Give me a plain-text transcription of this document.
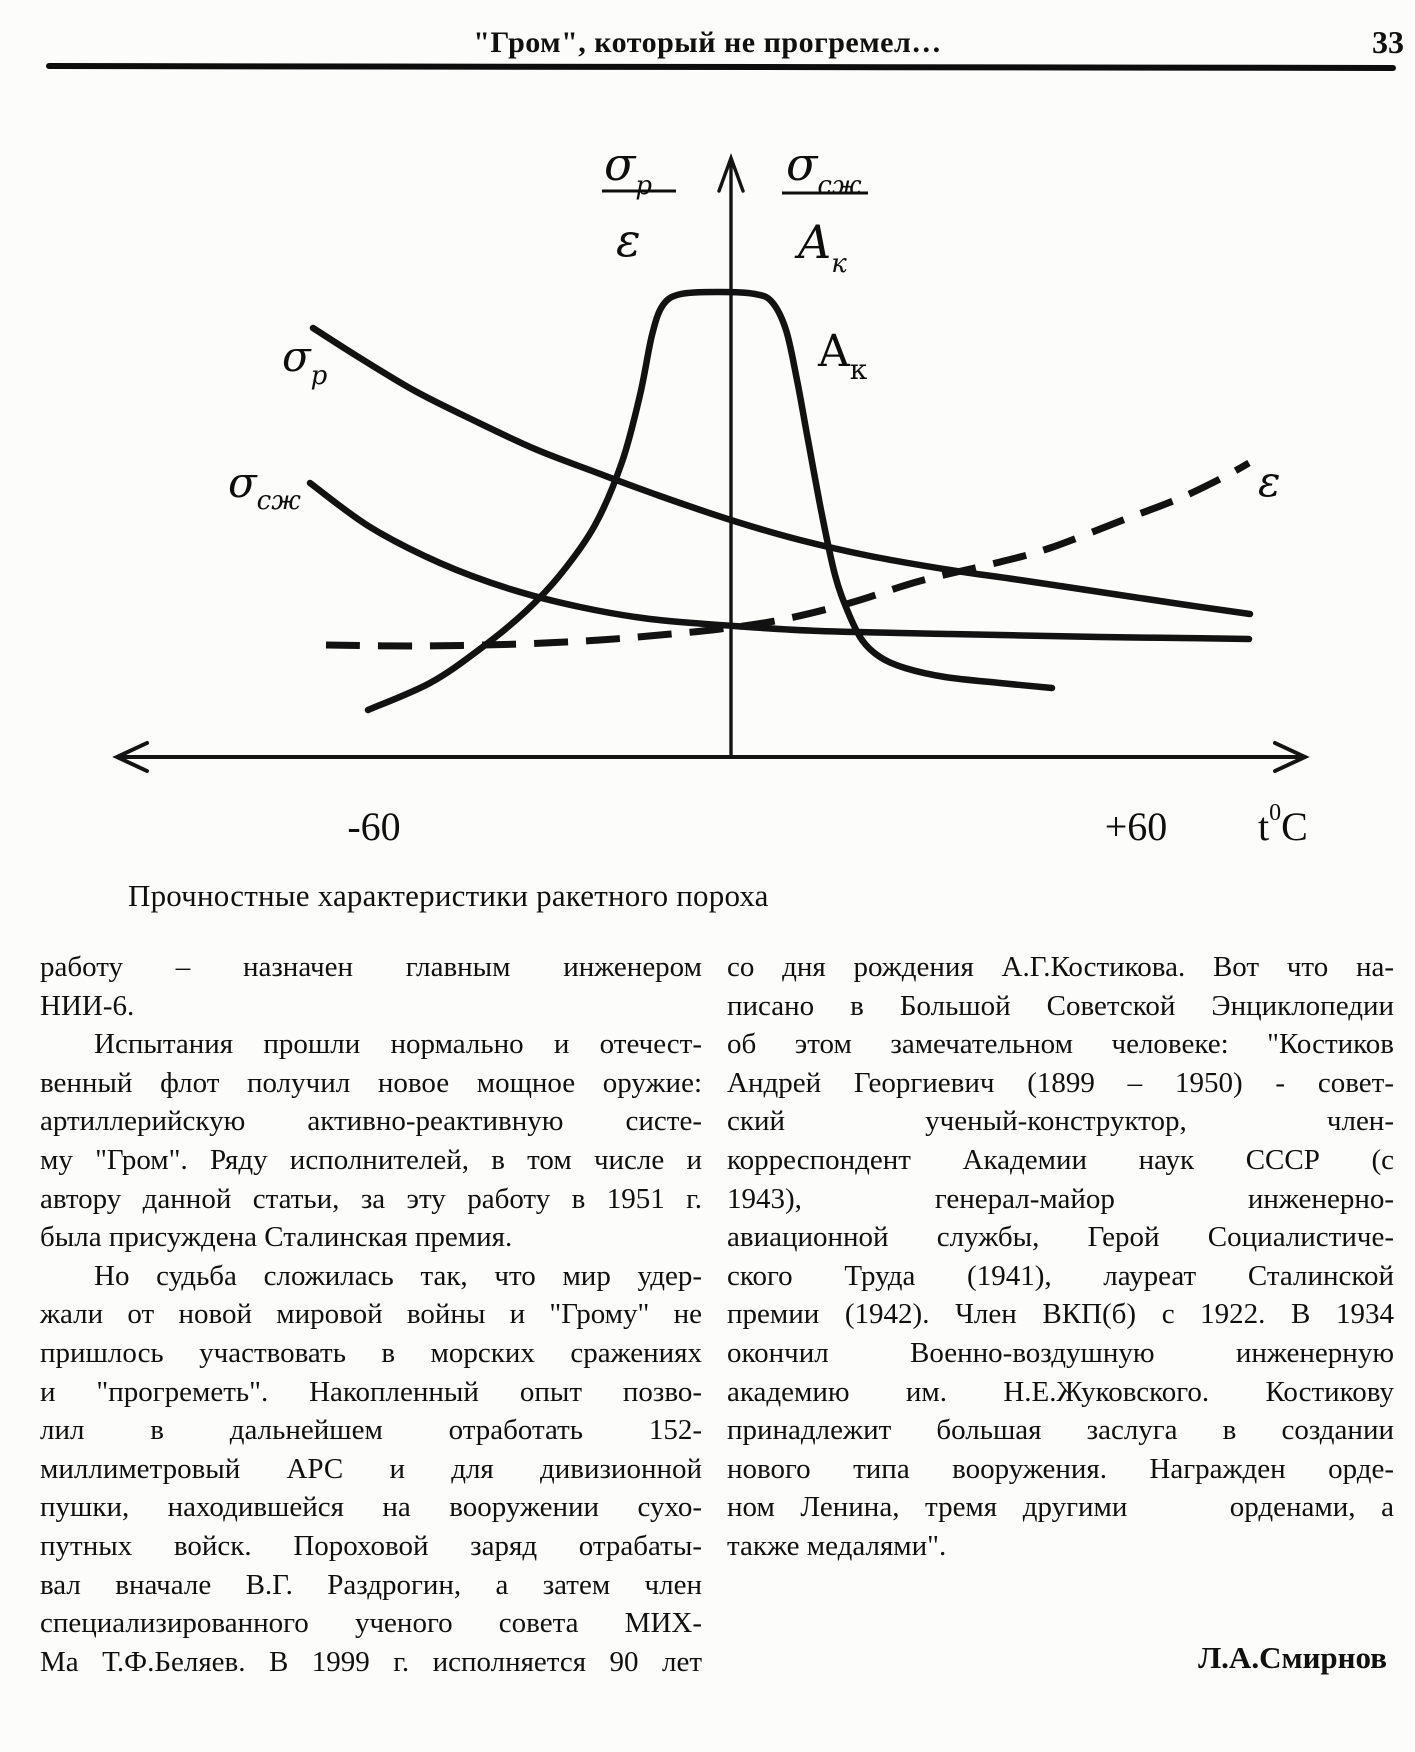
"Гром", который не прогремел…	33
$\sigma_p$
ε
$\sigma_{сж}$
$A_к$
$\sigma_p$
$\sigma_{сж}$
$A_к$
ε
-60	+60 $t^0C$
Прочностные характеристики ракетного пороха
работу – назначен главным инженером
НИИ-6.
Испытания прошли нормально и отечест-
венный флот получил новое мощное оружие:
артиллерийскую активно-реактивную систе-
му "Гром". Ряду исполнителей, в том числе и
автору данной статьи, за эту работу в 1951 г.
была присуждена Сталинская премия.
Но судьба сложилась так, что мир удер-
жали от новой мировой войны и "Грому" не
пришлось участвовать в морских сражениях
и "прогреметь". Накопленный опыт позво-
лил в дальнейшем отработать 152-
миллиметровый АРС и для дивизионной
пушки, находившейся на вооружении сухо-
путных войск. Пороховой заряд отрабаты-
вал вначале В.Г. Раздрогин, а затем член
специализированного ученого совета МИХ-
Ма Т.Ф.Беляев. В 1999 г. исполняется 90 лет
со дня рождения А.Г.Костикова. Вот что на-
писано в Большой Советской Энциклопедии
об этом замечательном человеке: "Костиков
Андрей Георгиевич (1899 – 1950) - совет-
ский ученый-конструктор, член-
корреспондент Академии наук СССР (с
1943), генерал-майор инженерно-
авиационной службы, Герой Социалистиче-
ского Труда (1941), лауреат Сталинской
премии (1942). Член ВКП(б) с 1922. В 1934
окончил Военно-воздушную инженерную
академию им. Н.Е.Жуковского. Костикову
принадлежит большая заслуга в создании
нового типа вооружения. Награжден орде-
ном Ленина, тремя другими    орденами, а
также медалями".
Л.А.Смирнов
